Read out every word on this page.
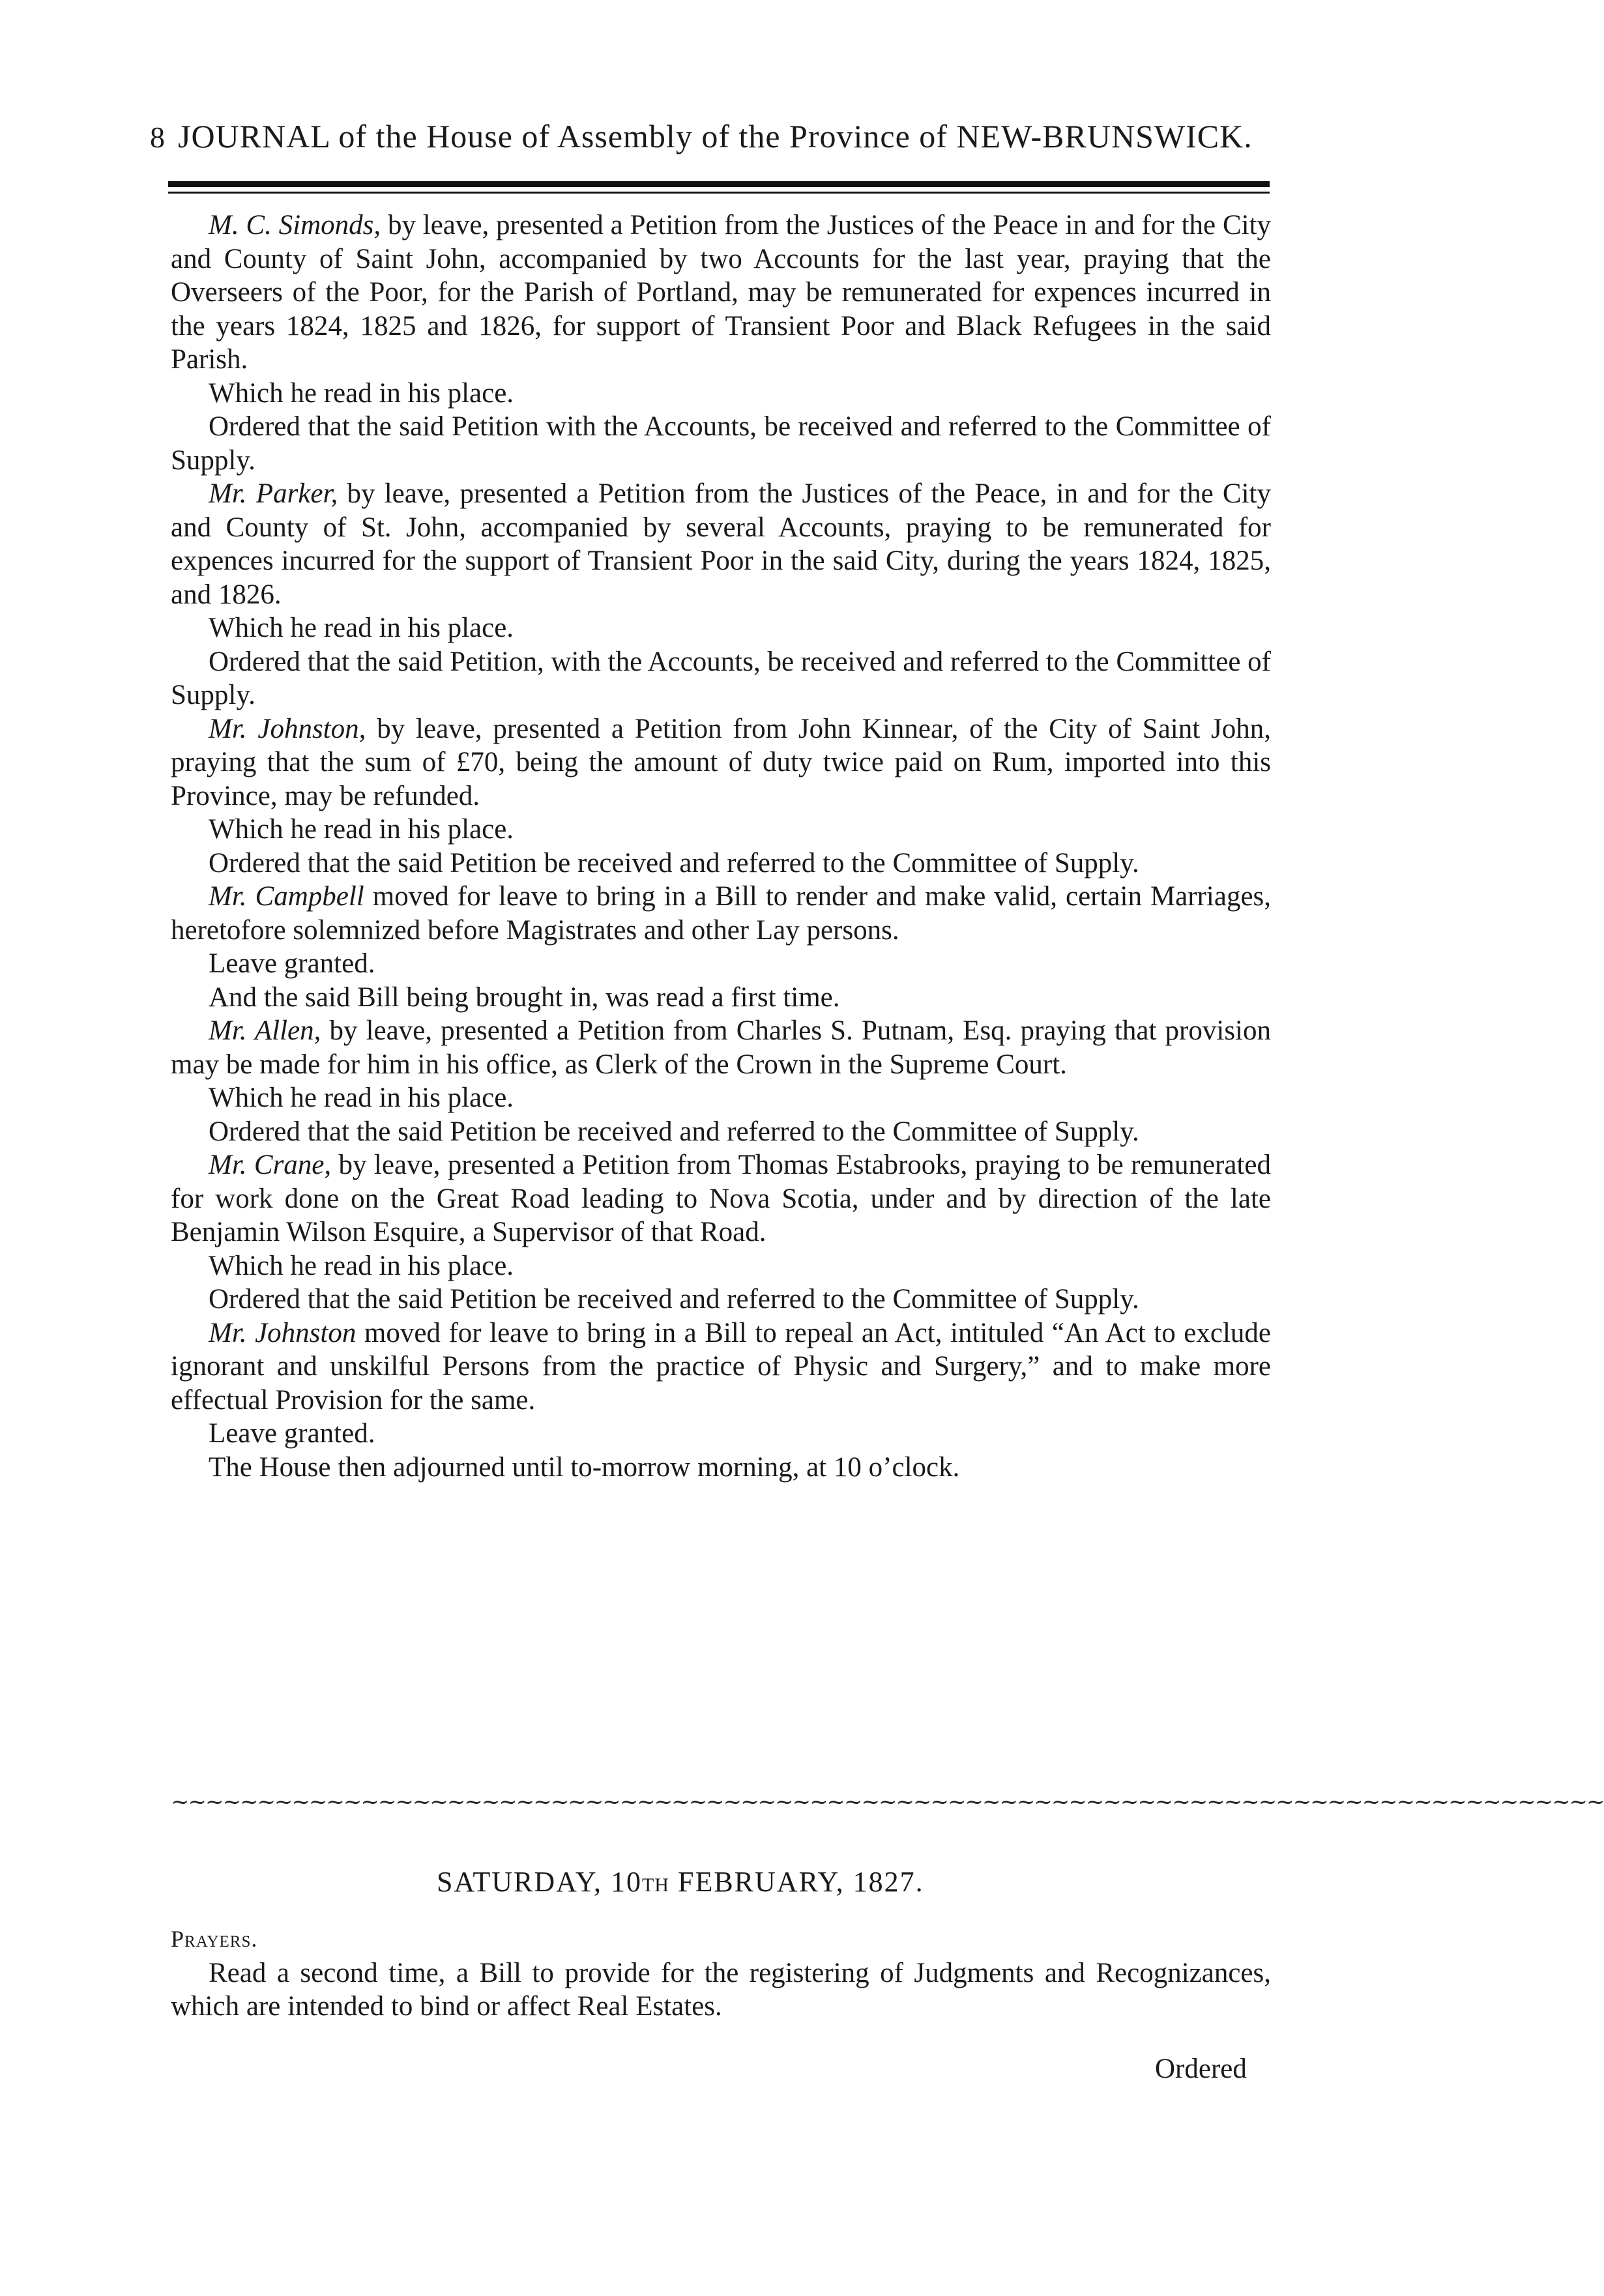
8 JOURNAL of the House of Assembly of the Province of NEW-BRUNSWICK.

M. C. Simonds, by leave, presented a Petition from the Justices of the Peace in and for the City and County of Saint John, accompanied by two Accounts for the last year, praying that the Overseers of the Poor, for the Parish of Portland, may be remunerated for expences incurred in the years 1824, 1825 and 1826, for support of Transient Poor and Black Refugees in the said Parish.

Which he read in his place.

Ordered that the said Petition with the Accounts, be received and referred to the Committee of Supply.

Mr. Parker, by leave, presented a Petition from the Justices of the Peace, in and for the City and County of St. John, accompanied by several Accounts, praying to be remunerated for expences incurred for the support of Transient Poor in the said City, during the years 1824, 1825, and 1826.

Which he read in his place.

Ordered that the said Petition, with the Accounts, be received and referred to the Committee of Supply.

Mr. Johnston, by leave, presented a Petition from John Kinnear, of the City of Saint John, praying that the sum of £70, being the amount of duty twice paid on Rum, imported into this Province, may be refunded.

Which he read in his place.

Ordered that the said Petition be received and referred to the Committee of Supply.

Mr. Campbell moved for leave to bring in a Bill to render and make valid, certain Marriages, heretofore solemnized before Magistrates and other Lay persons.

Leave granted.

And the said Bill being brought in, was read a first time.

Mr. Allen, by leave, presented a Petition from Charles S. Putnam, Esq. praying that provision may be made for him in his office, as Clerk of the Crown in the Supreme Court.

Which he read in his place.

Ordered that the said Petition be received and referred to the Committee of Supply.

Mr. Crane, by leave, presented a Petition from Thomas Estabrooks, praying to be remunerated for work done on the Great Road leading to Nova Scotia, under and by direction of the late Benjamin Wilson Esquire, a Supervisor of that Road.

Which he read in his place.

Ordered that the said Petition be received and referred to the Committee of Supply.

Mr. Johnston moved for leave to bring in a Bill to repeal an Act, intituled “An Act to exclude ignorant and unskilful Persons from the practice of Physic and Surgery,” and to make more effectual Provision for the same.

Leave granted.

The House then adjourned until to-morrow morning, at 10 o’clock.

~~~~~~~~~~~~~~~~~~~~~~~~~~~~~~~~~~~~~~~~~~~~~~~~~~~~~~~~~~~~~~~~~~~~~~~~~~~~~~~~~~~
SATURDAY, 10TH FEBRUARY, 1827.

Prayers.

Read a second time, a Bill to provide for the registering of Judgments and Recognizances, which are intended to bind or affect Real Estates.

Ordered
